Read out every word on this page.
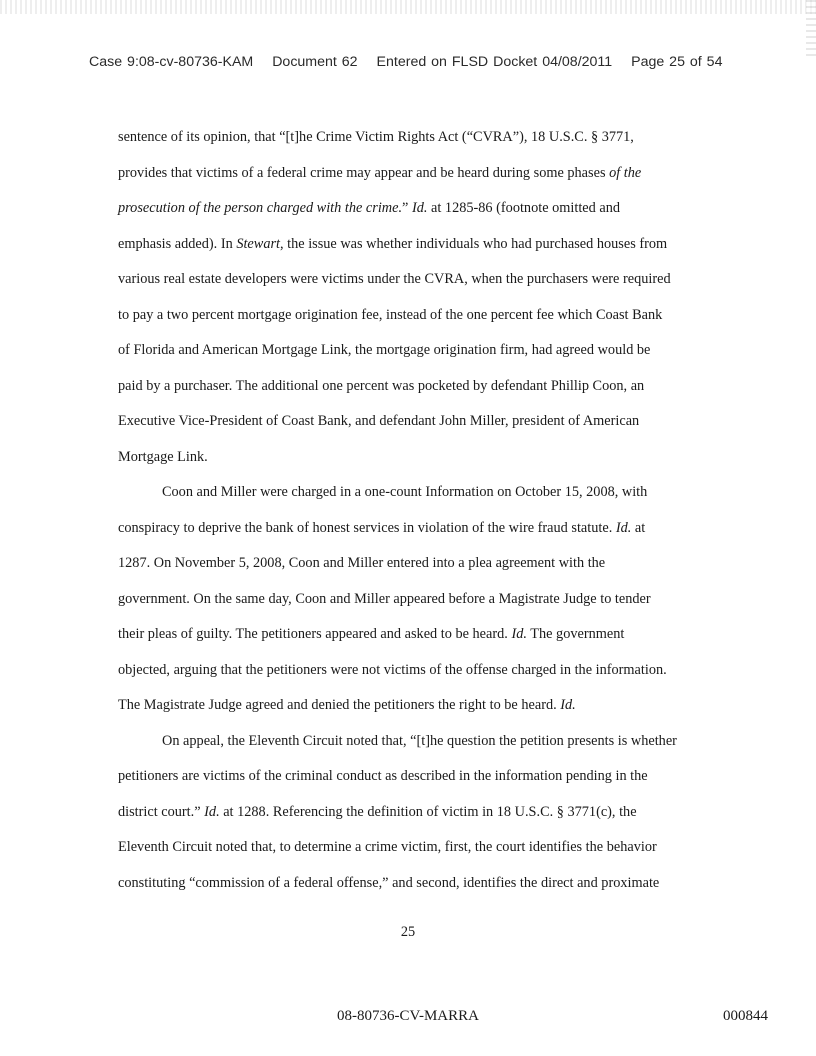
Case 9:08-cv-80736-KAM Document 62 Entered on FLSD Docket 04/08/2011 Page 25 of 54
sentence of its opinion, that “[t]he Crime Victim Rights Act (“CVRA”), 18 U.S.C. § 3771,
provides that victims of a federal crime may appear and be heard during some phases of the
prosecution of the person charged with the crime.” Id. at 1285-86 (footnote omitted and
emphasis added). In Stewart, the issue was whether individuals who had purchased houses from
various real estate developers were victims under the CVRA, when the purchasers were required
to pay a two percent mortgage origination fee, instead of the one percent fee which Coast Bank
of Florida and American Mortgage Link, the mortgage origination firm, had agreed would be
paid by a purchaser. The additional one percent was pocketed by defendant Phillip Coon, an
Executive Vice-President of Coast Bank, and defendant John Miller, president of American
Mortgage Link.
Coon and Miller were charged in a one-count Information on October 15, 2008, with
conspiracy to deprive the bank of honest services in violation of the wire fraud statute. Id. at
1287. On November 5, 2008, Coon and Miller entered into a plea agreement with the
government. On the same day, Coon and Miller appeared before a Magistrate Judge to tender
their pleas of guilty. The petitioners appeared and asked to be heard. Id. The government
objected, arguing that the petitioners were not victims of the offense charged in the information.
The Magistrate Judge agreed and denied the petitioners the right to be heard. Id.
On appeal, the Eleventh Circuit noted that, “[t]he question the petition presents is whether
petitioners are victims of the criminal conduct as described in the information pending in the
district court.” Id. at 1288. Referencing the definition of victim in 18 U.S.C. § 3771(c), the
Eleventh Circuit noted that, to determine a crime victim, first, the court identifies the behavior
constituting “commission of a federal offense,” and second, identifies the direct and proximate
25
08-80736-CV-MARRA	000844
